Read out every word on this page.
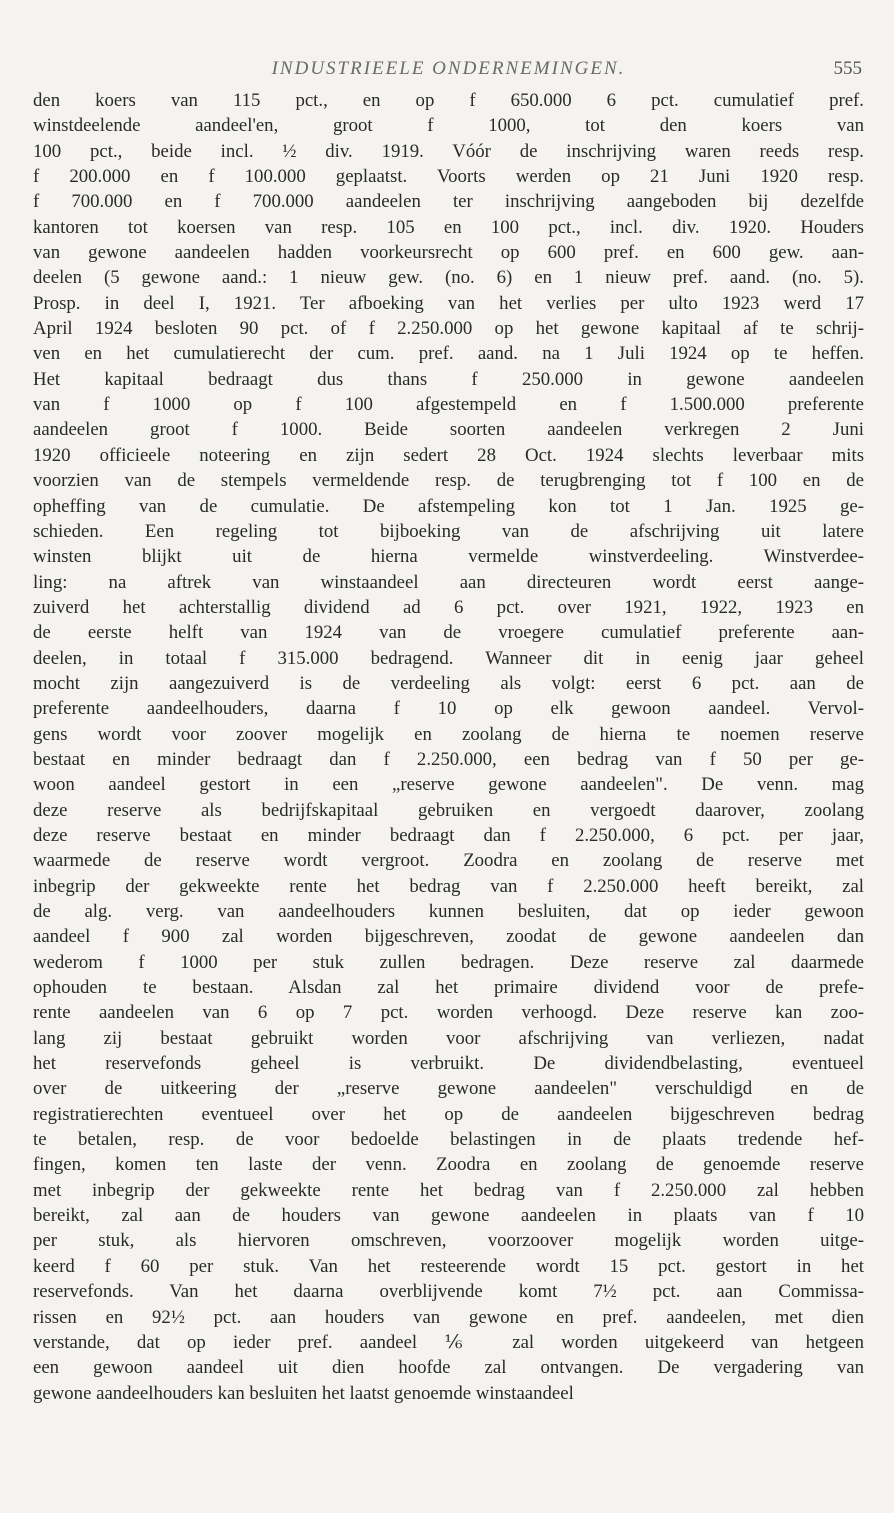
INDUSTRIEELE ONDERNEMINGEN.	555
den koers van 115 pct., en op f 650.000 6 pct. cumulatief pref.
winstdeelende aandeel'en, groot f 1000, tot den koers van
100 pct., beide incl. ½ div. 1919. Vóór de inschrijving waren reeds resp.
f 200.000 en f 100.000 geplaatst. Voorts werden op 21 Juni 1920 resp.
f 700.000 en f 700.000 aandeelen ter inschrijving aangeboden bij dezelfde
kantoren tot koersen van resp. 105 en 100 pct., incl. div. 1920. Houders
van gewone aandeelen hadden voorkeursrecht op 600 pref. en 600 gew. aan-
deelen (5 gewone aand.: 1 nieuw gew. (no. 6) en 1 nieuw pref. aand. (no. 5).
Prosp. in deel I, 1921. Ter afboeking van het verlies per ulto 1923 werd 17
April 1924 besloten 90 pct. of f 2.250.000 op het gewone kapitaal af te schrij-
ven en het cumulatierecht der cum. pref. aand. na 1 Juli 1924 op te heffen.
Het kapitaal bedraagt dus thans f 250.000 in gewone aandeelen
van f 1000 op f 100 afgestempeld en f 1.500.000 preferente
aandeelen groot f 1000. Beide soorten aandeelen verkregen 2 Juni
1920 officieele noteering en zijn sedert 28 Oct. 1924 slechts leverbaar mits
voorzien van de stempels vermeldende resp. de terugbrenging tot f 100 en de
opheffing van de cumulatie. De afstempeling kon tot 1 Jan. 1925 ge-
schieden. Een regeling tot bijboeking van de afschrijving uit latere
winsten blijkt uit de hierna vermelde winstverdeeling. Winstverdee-
ling: na aftrek van winstaandeel aan directeuren wordt eerst aange-
zuiverd het achterstallig dividend ad 6 pct. over 1921, 1922, 1923 en
de eerste helft van 1924 van de vroegere cumulatief preferente aan-
deelen, in totaal f 315.000 bedragend. Wanneer dit in eenig jaar geheel
mocht zijn aangezuiverd is de verdeeling als volgt: eerst 6 pct. aan de
preferente aandeelhouders, daarna f 10 op elk gewoon aandeel. Vervol-
gens wordt voor zoover mogelijk en zoolang de hierna te noemen reserve
bestaat en minder bedraagt dan f 2.250.000, een bedrag van f 50 per ge-
woon aandeel gestort in een „reserve gewone aandeelen". De venn. mag
deze reserve als bedrijfskapitaal gebruiken en vergoedt daarover, zoolang
deze reserve bestaat en minder bedraagt dan f 2.250.000, 6 pct. per jaar,
waarmede de reserve wordt vergroot. Zoodra en zoolang de reserve met
inbegrip der gekweekte rente het bedrag van f 2.250.000 heeft bereikt, zal
de alg. verg. van aandeelhouders kunnen besluiten, dat op ieder gewoon
aandeel f 900 zal worden bijgeschreven, zoodat de gewone aandeelen dan
wederom f 1000 per stuk zullen bedragen. Deze reserve zal daarmede
ophouden te bestaan. Alsdan zal het primaire dividend voor de prefe-
rente aandeelen van 6 op 7 pct. worden verhoogd. Deze reserve kan zoo-
lang zij bestaat gebruikt worden voor afschrijving van verliezen, nadat
het reservefonds geheel is verbruikt. De dividendbelasting, eventueel
over de uitkeering der „reserve gewone aandeelen" verschuldigd en de
registratierechten eventueel over het op de aandeelen bijgeschreven bedrag
te betalen, resp. de voor bedoelde belastingen in de plaats tredende hef-
fingen, komen ten laste der venn. Zoodra en zoolang de genoemde reserve
met inbegrip der gekweekte rente het bedrag van f 2.250.000 zal hebben
bereikt, zal aan de houders van gewone aandeelen in plaats van f 10
per stuk, als hiervoren omschreven, voorzoover mogelijk worden uitge-
keerd f 60 per stuk. Van het resteerende wordt 15 pct. gestort in het
reservefonds. Van het daarna overblijvende komt 7½ pct. aan Commissa-
rissen en 92½ pct. aan houders van gewone en pref. aandeelen, met dien
verstande, dat op ieder pref. aandeel ⅙ zal worden uitgekeerd van hetgeen
een gewoon aandeel uit dien hoofde zal ontvangen. De vergadering van
gewone aandeelhouders kan besluiten het laatst genoemde winstaandeel
